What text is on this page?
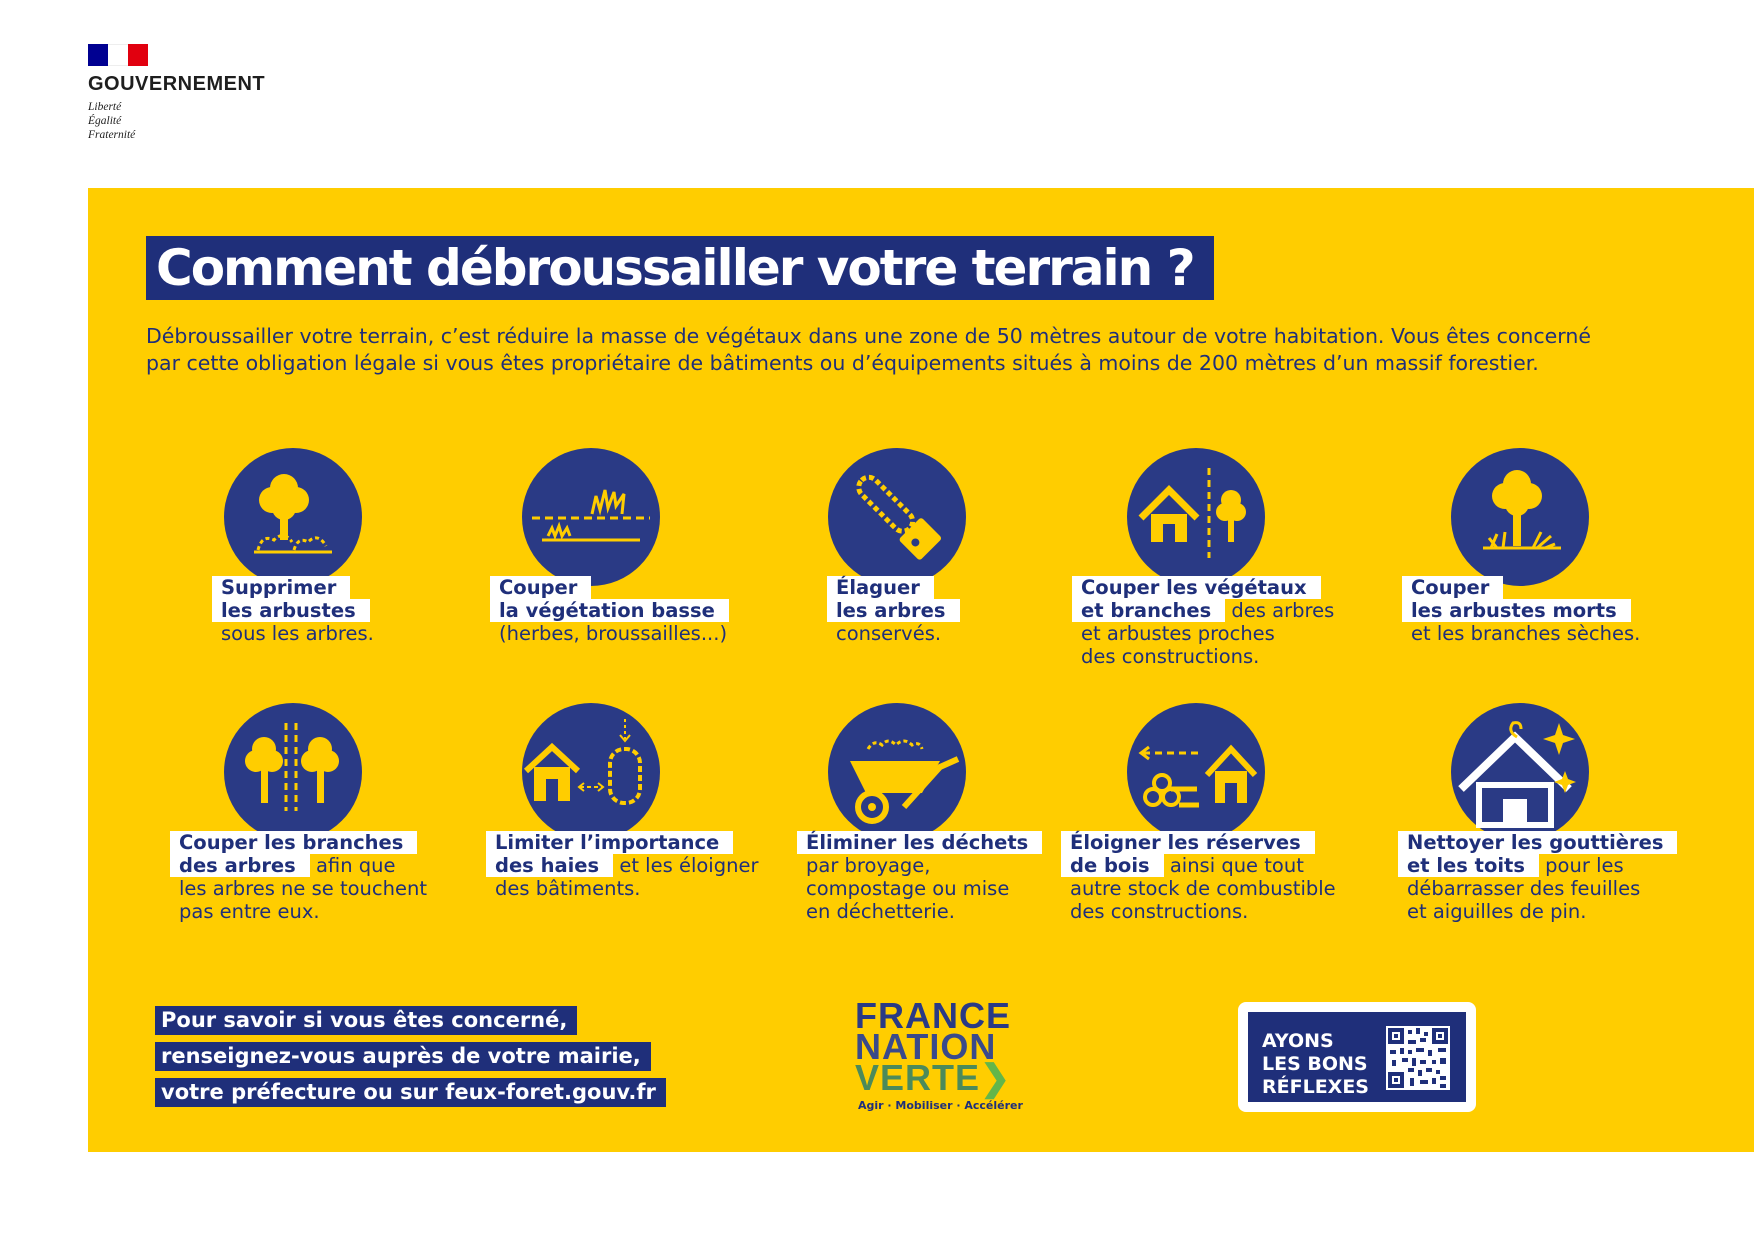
GOUVERNEMENT
Liberté
Égalité
Fraternité
Comment débroussailler votre terrain ?

Débroussailler votre terrain, c’est réduire la masse de végétaux dans une zone de 50 mètres autour de votre habitation. Vous êtes concerné

par cette obligation légale si vous êtes propriétaire de bâtiments ou d’équipements situés à moins de 200 mètres d’un massif forestier.

Supprimer
les arbustes
sous les arbres.
Couper
la végétation basse
(herbes, broussailles...)
Élaguer
les arbres
conservés.
Couper les végétaux
et branches des arbres
et arbustes proches
des constructions.
Couper
les arbustes morts
et les branches sèches.
Couper les branches
des arbres afin que
les arbres ne se touchent
pas entre eux.
Limiter l’importance
des haies et les éloigner
des bâtiments.
Éliminer les déchets
par broyage,
compostage ou mise
en déchetterie.
Éloigner les réserves
de bois ainsi que tout
autre stock de combustible
des constructions.
Nettoyer les gouttières
et les toits pour les
débarrasser des feuilles
et aiguilles de pin.
Pour savoir si vous êtes concerné,
renseignez-vous auprès de votre mairie,
votre préfecture ou sur feux-foret.gouv.fr
FRANCE
NATION
VERTE❯
Agir · Mobiliser · Accélérer
AYONS
LES BONS
RÉFLEXES
